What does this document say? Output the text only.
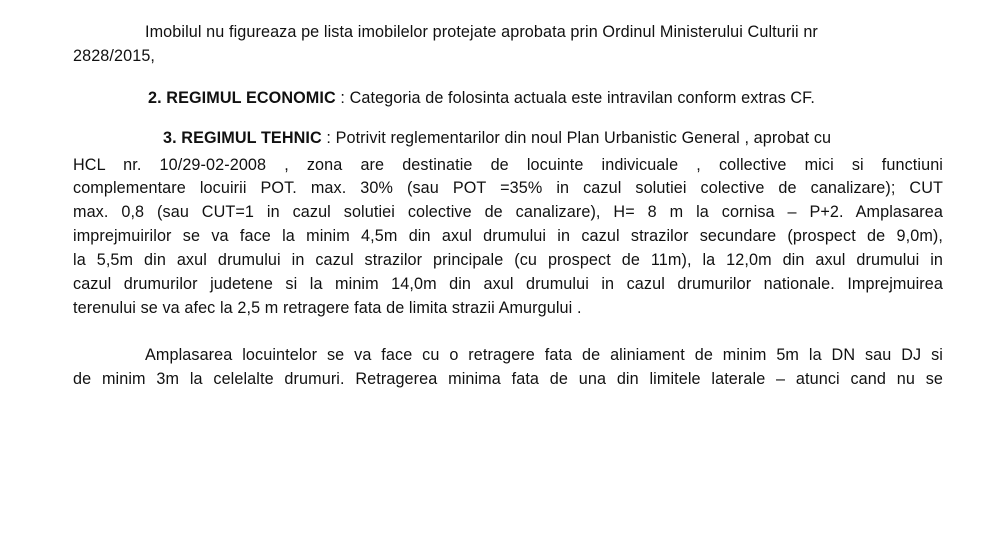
Imobilul nu figureaza pe lista imobilelor protejate aprobata prin Ordinul Ministerului Culturii nr
2828/2015,
2. REGIMUL ECONOMIC : Categoria de folosinta actuala este intravilan conform extras CF.
3. REGIMUL TEHNIC : Potrivit reglementarilor din noul Plan Urbanistic General , aprobat cu
HCL nr. 10/29-02-2008 , zona are destinatie de locuinte indivicuale , collective mici si functiuni
complementare locuirii POT. max. 30% (sau POT =35% in cazul solutiei colective de canalizare); CUT
max. 0,8 (sau CUT=1 in cazul solutiei colective de canalizare), H= 8 m la cornisa – P+2. Amplasarea
imprejmuirilor se va face la minim 4,5m din axul drumului in cazul strazilor secundare (prospect de 9,0m),
la 5,5m din axul drumului in cazul strazilor principale (cu prospect de 11m), la 12,0m din axul drumului in
cazul drumurilor judetene si la minim 14,0m din axul drumului in cazul drumurilor nationale. Imprejmuirea
terenului se va afec la 2,5 m retragere fata de limita strazii Amurgului .
Amplasarea locuintelor se va face cu o retragere fata de aliniament de minim 5m la DN sau DJ si
de minim 3m la celelalte drumuri. Retragerea minima fata de una din limitele laterale – atunci cand nu se
